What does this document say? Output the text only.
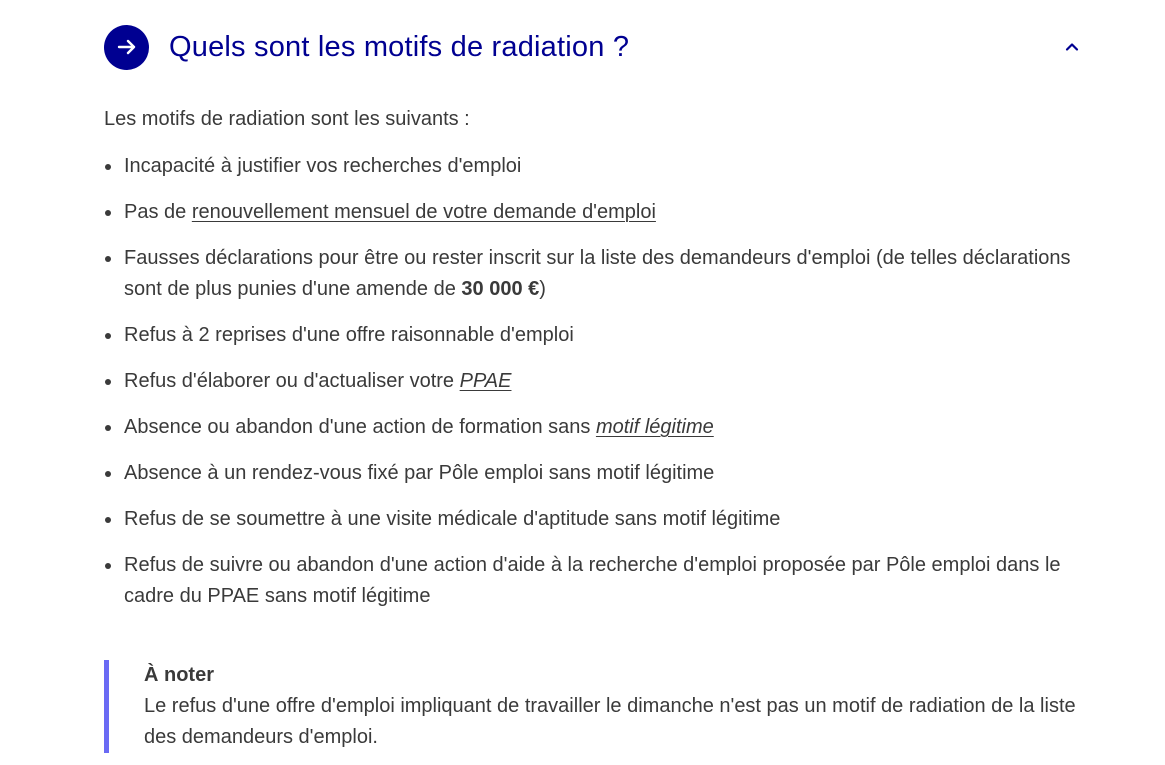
Quels sont les motifs de radiation ?

Les motifs de radiation sont les suivants :

Incapacité à justifier vos recherches d'emploi
Pas de renouvellement mensuel de votre demande d'emploi
Fausses déclarations pour être ou rester inscrit sur la liste des demandeurs d'emploi (de telles déclarations sont de plus punies d'une amende de 30 000 €)
Refus à 2 reprises d'une offre raisonnable d'emploi
Refus d'élaborer ou d'actualiser votre PPAE
Absence ou abandon d'une action de formation sans motif légitime
Absence à un rendez-vous fixé par Pôle emploi sans motif légitime
Refus de se soumettre à une visite médicale d'aptitude sans motif légitime
Refus de suivre ou abandon d'une action d'aide à la recherche d'emploi proposée par Pôle emploi dans le cadre du PPAE sans motif légitime

À noter

Le refus d'une offre d'emploi impliquant de travailler le dimanche n'est pas un motif de radiation de la liste des demandeurs d'emploi.
